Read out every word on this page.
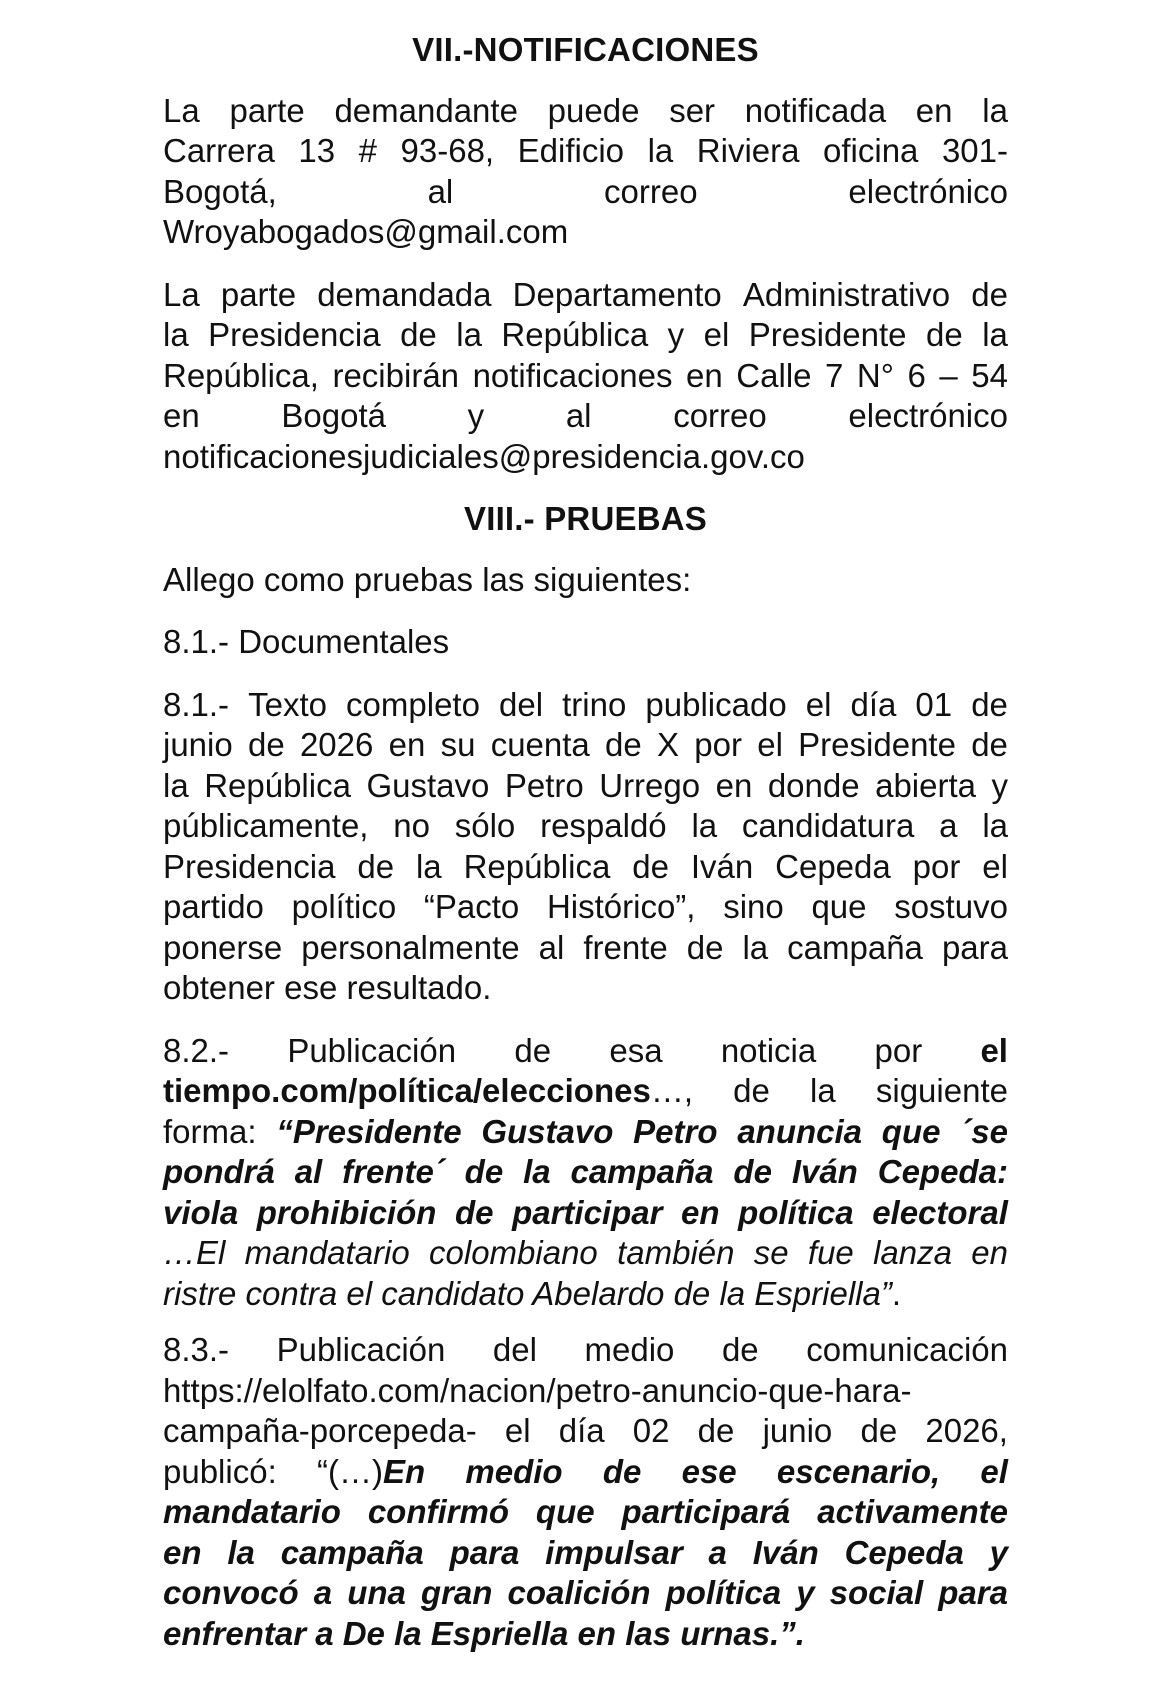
VII.-NOTIFICACIONES
La parte demandante puede ser notificada en la
Carrera 13 # 93-68, Edificio la Riviera oficina 301-
Bogotá,	al	correo	electrónico
Wroyabogados@gmail.com
La parte demandada Departamento Administrativo de
la Presidencia de la República y el Presidente de la
República, recibirán notificaciones en Calle 7 N° 6 – 54
en Bogotá y al correo electrónico
notificacionesjudiciales@presidencia.gov.co
VIII.- PRUEBAS
Allego como pruebas las siguientes:
8.1.- Documentales
8.1.- Texto completo del trino publicado el día 01 de
junio de 2026 en su cuenta de X por el Presidente de
la República Gustavo Petro Urrego en donde abierta y
públicamente, no sólo respaldó la candidatura a la
Presidencia de la República de Iván Cepeda por el
partido político “Pacto Histórico”, sino que sostuvo
ponerse personalmente al frente de la campaña para
obtener ese resultado.
8.2.- Publicación de esa noticia por el
tiempo.com/política/elecciones…, de la siguiente
forma: “Presidente Gustavo Petro anuncia que ´se
pondrá al frente´ de la campaña de Iván Cepeda:
viola prohibición de participar en política electoral
…El mandatario colombiano también se fue lanza en
ristre contra el candidato Abelardo de la Espriella”.
8.3.- Publicación del medio de comunicación
https://elolfato.com/nacion/petro-anuncio-que-hara-
campaña-porcepeda- el día 02 de junio de 2026,
publicó: “(…)En medio de ese escenario, el
mandatario confirmó que participará activamente
en la campaña para impulsar a Iván Cepeda y
convocó a una gran coalición política y social para
enfrentar a De la Espriella en las urnas.”.
